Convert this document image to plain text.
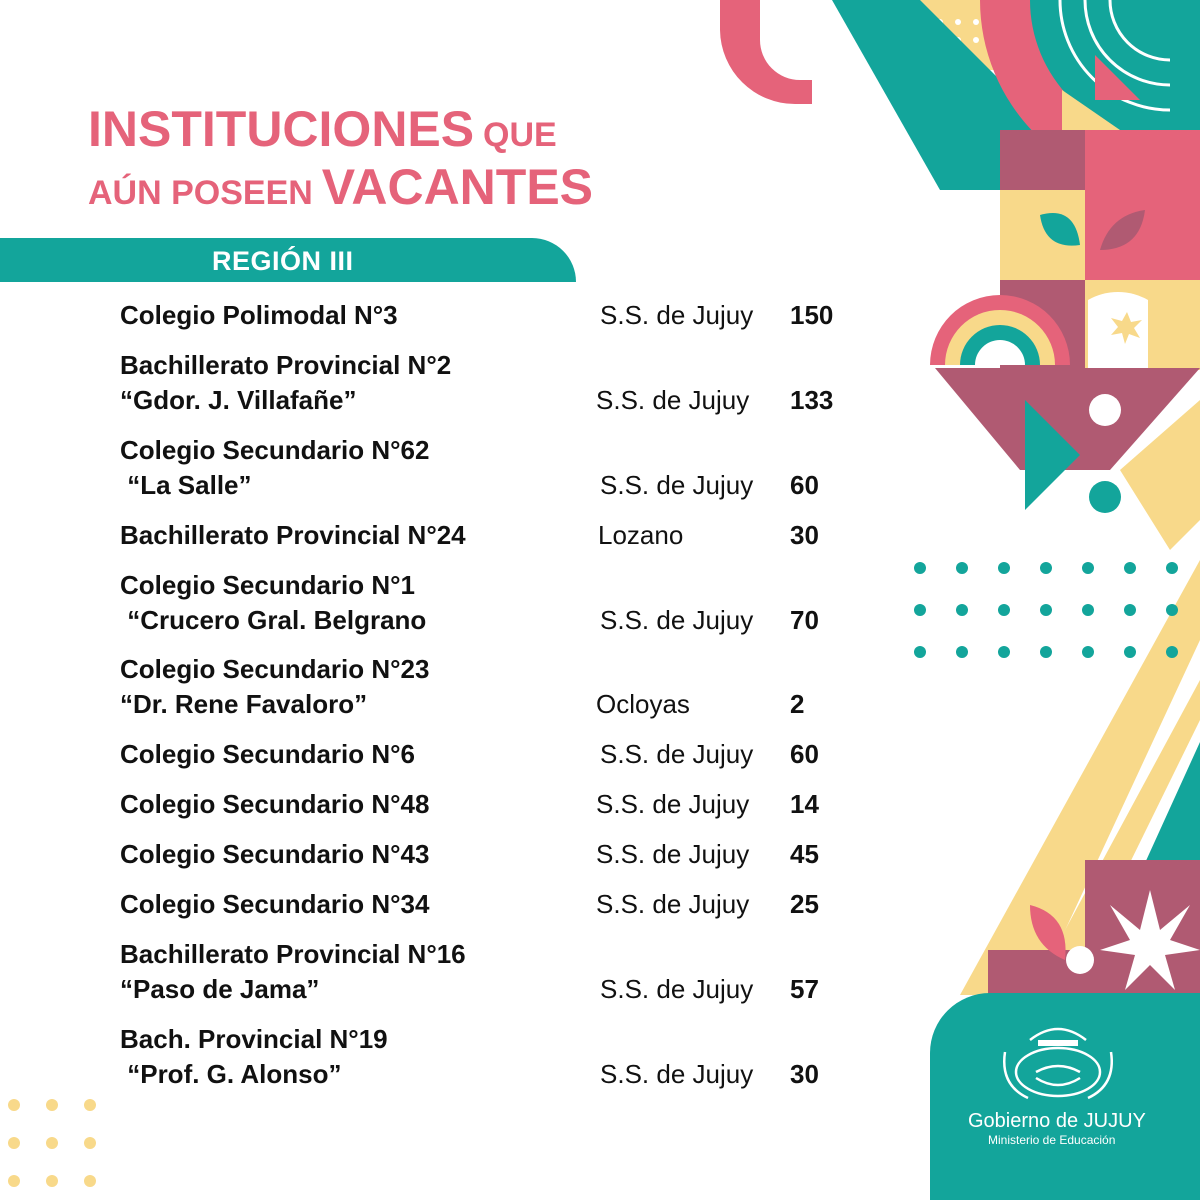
INSTITUCIONES QUE
AÚN POSEEN VACANTES
REGIÓN III
Colegio Polimodal N°3	S.S. de Jujuy 150
Bachillerato Provincial N°2
“Gdor. J. Villafañe”	S.S. de Jujuy 133
Colegio Secundario N°62
“La Salle”	S.S. de Jujuy 60
Bachillerato Provincial N°24	Lozano	30
Colegio Secundario N°1
“Crucero Gral. Belgrano	S.S. de Jujuy 70
Colegio Secundario N°23
“Dr. Rene Favaloro”	Ocloyas	2
Colegio Secundario N°6	S.S. de Jujuy 60
Colegio Secundario N°48	S.S. de Jujuy 14
Colegio Secundario N°43	S.S. de Jujuy 45
Colegio Secundario N°34	S.S. de Jujuy 25
Bachillerato Provincial N°16
“Paso de Jama”	S.S. de Jujuy 57
Bach. Provincial N°19
“Prof. G. Alonso”	S.S. de Jujuy 30
Gobierno de JUJUY
Ministerio de Educación
